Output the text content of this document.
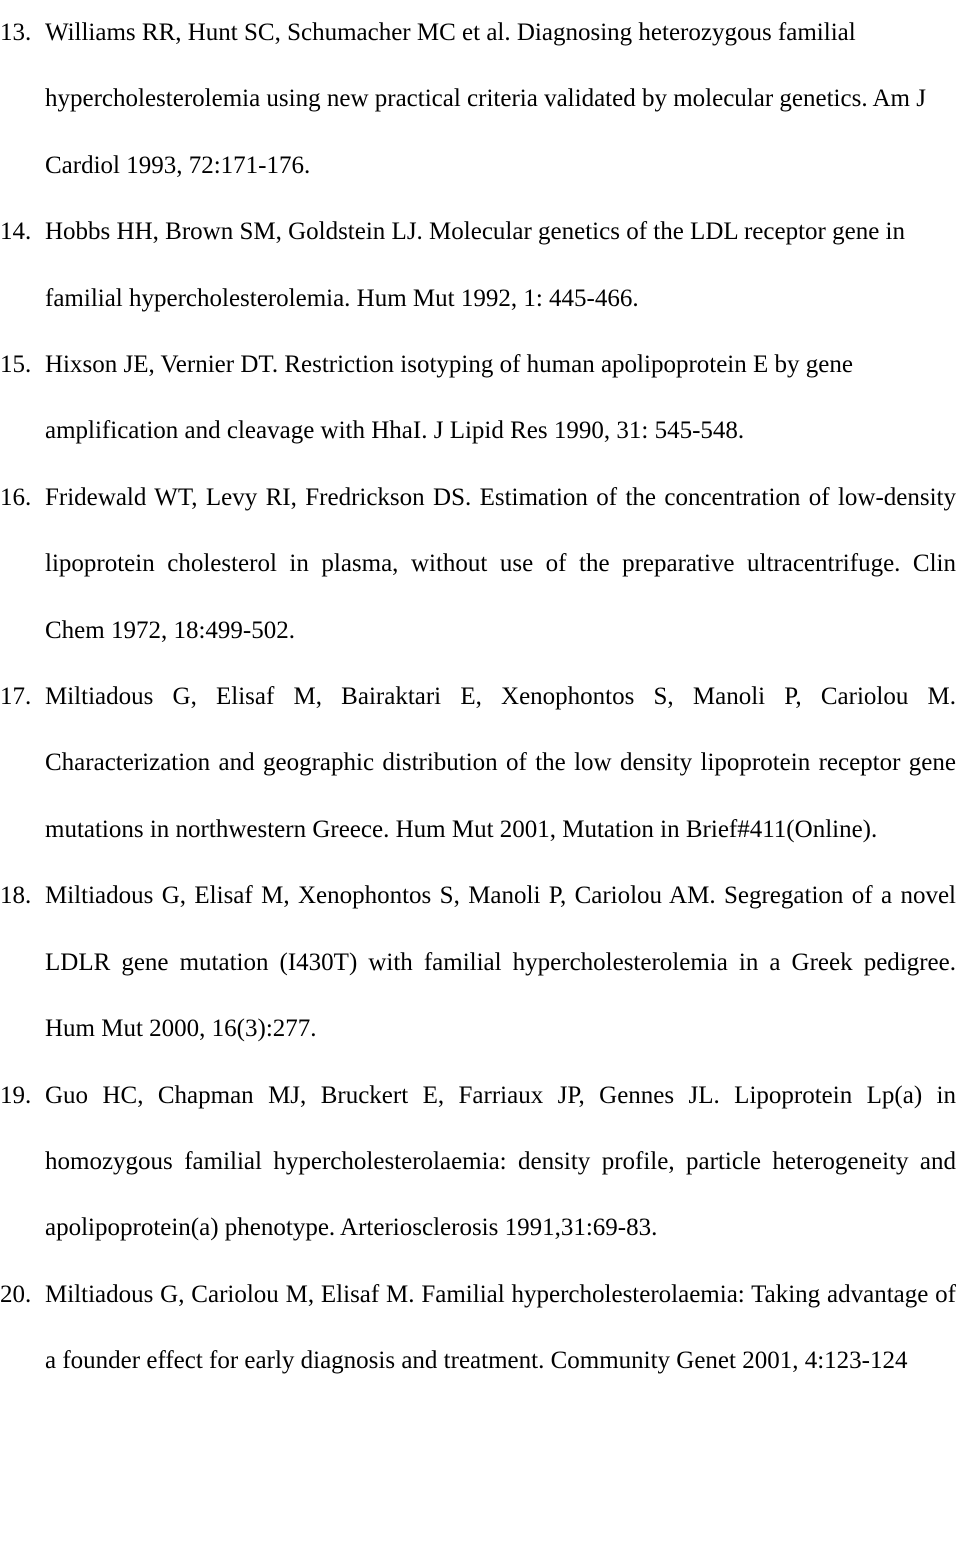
13. Williams RR, Hunt SC, Schumacher MC et al. Diagnosing heterozygous familial hypercholesterolemia using new practical criteria validated by molecular genetics. Am J Cardiol 1993, 72:171-176.
14. Hobbs HH, Brown SM, Goldstein LJ. Molecular genetics of the LDL receptor gene in familial hypercholesterolemia. Hum Mut 1992, 1: 445-466.
15. Hixson JE, Vernier DT. Restriction isotyping of human apolipoprotein E by gene amplification and cleavage with HhaI. J Lipid Res 1990, 31: 545-548.
16. Fridewald WT, Levy RI, Fredrickson DS. Estimation of the concentration of low-density lipoprotein cholesterol in plasma, without use of the preparative ultracentrifuge. Clin Chem 1972, 18:499-502.
17. Miltiadous G, Elisaf M, Bairaktari E, Xenophontos S, Manoli P, Cariolou M. Characterization and geographic distribution of the low density lipoprotein receptor gene mutations in northwestern Greece. Hum Mut 2001, Mutation in Brief#411(Online).
18. Miltiadous G, Elisaf M, Xenophontos S, Manoli P, Cariolou AM. Segregation of a novel LDLR gene mutation (I430T) with familial hypercholesterolemia in a Greek pedigree. Hum Mut 2000, 16(3):277.
19. Guo HC, Chapman MJ, Bruckert E, Farriaux JP, Gennes JL. Lipoprotein Lp(a) in homozygous familial hypercholesterolaemia: density profile, particle heterogeneity and apolipoprotein(a) phenotype. Arteriosclerosis 1991,31:69-83.
20. Miltiadous G, Cariolou M, Elisaf M. Familial hypercholesterolaemia: Taking advantage of a founder effect for early diagnosis and treatment. Community Genet 2001, 4:123-124
